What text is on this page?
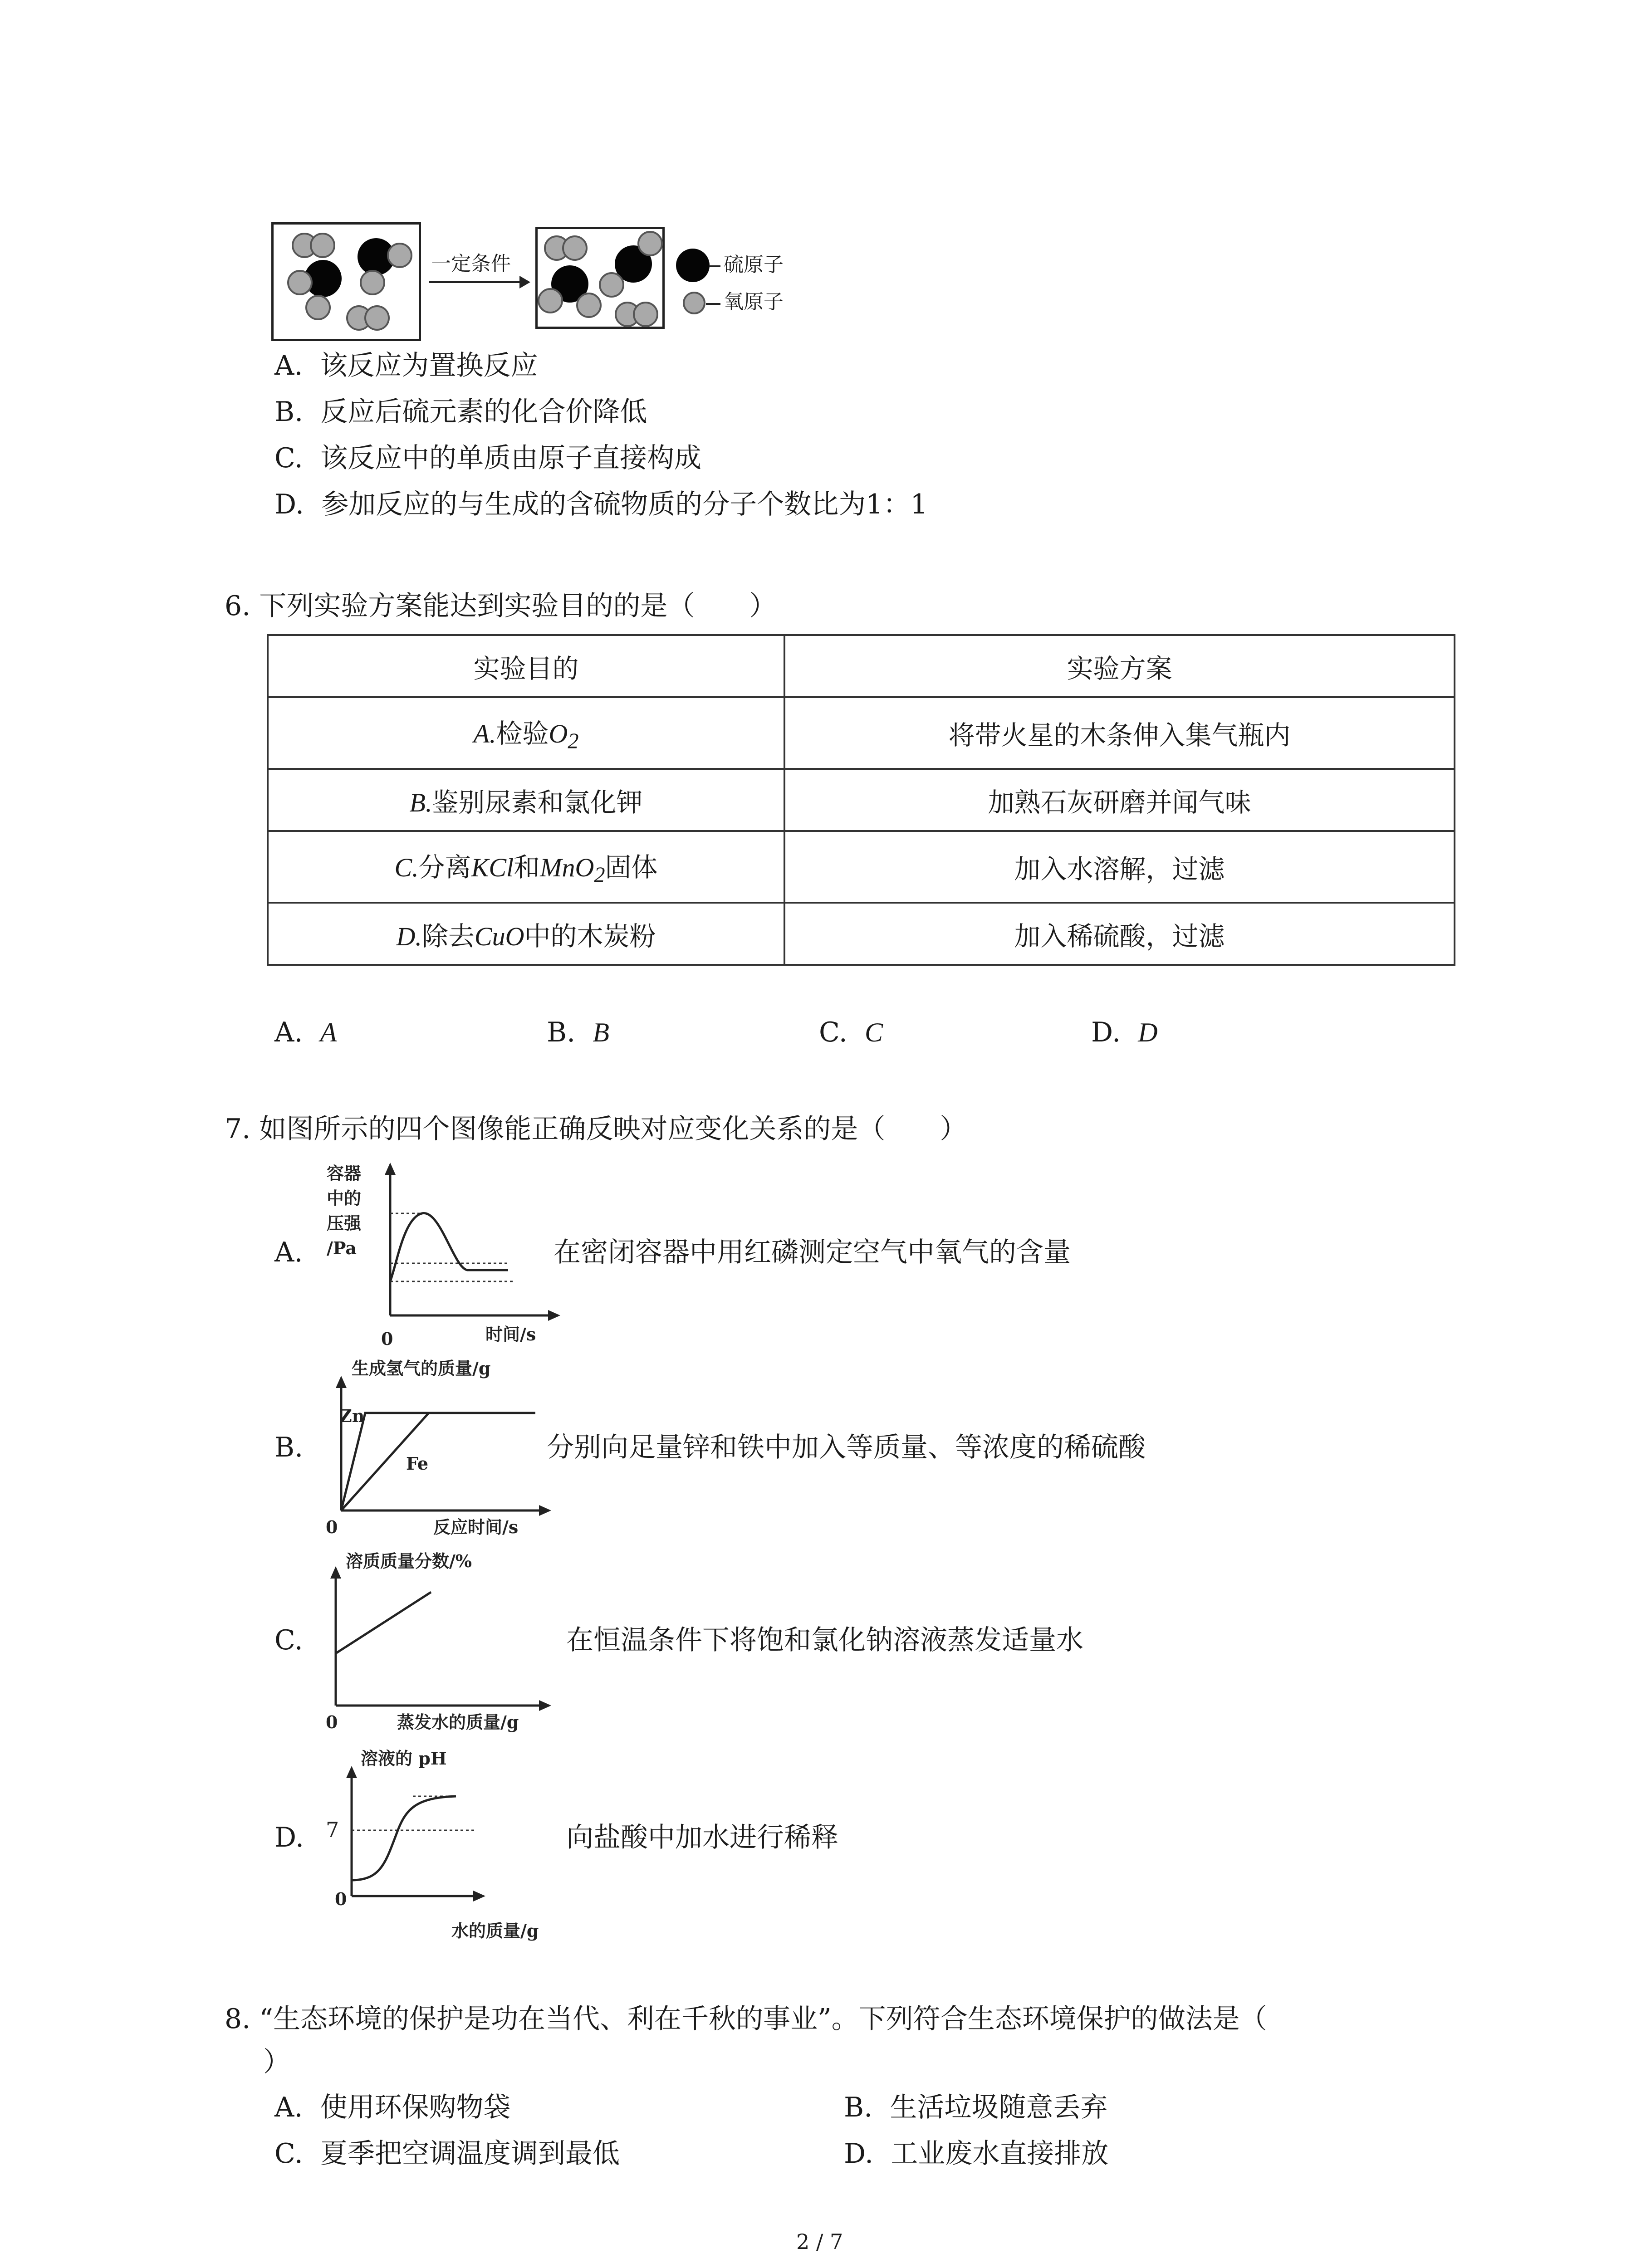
一定条件	硫原子
氧原子
A. 该反应为置换反应
B. 反应后硫元素的化合价降低
C. 该反应中的单质由原子直接构成
D. 参加反应的与生成的含硫物质的分子个数比为1：1
6. 下列实验方案能达到实验目的的是（　　）
实验目的	实验方案
A.检验$O_2$	将带火星的木条伸入集气瓶内
B.鉴别尿素和氯化钾	加熟石灰研磨并闻气味
C.分离KCl和MnO$_2$固体	加入水溶解，过滤
D.除去CuO中的木炭粉	加入稀硫酸，过滤
A. A	B. B	C. C	D. D
7. 如图所示的四个图像能正确反映对应变化关系的是（　　）
A.
容器
中的
压强
/Pa
0	时间/s
在密闭容器中用红磷测定空气中氧气的含量
B.
生成氢气的质量/g
0	反应时间/s
Zn
Fe
分别向足量锌和铁中加入等质量、等浓度的稀硫酸
C.
溶质质量分数/%
0	蒸发水的质量/g
在恒温条件下将饱和氯化钠溶液蒸发适量水
D.
溶液的 pH
0
7
水的质量/g
向盐酸中加水进行稀释
8. “生态环境的保护是功在当代、利在千秋的事业”。下列符合生态环境保护的做法是（
）
A. 使用环保购物袋	B. 生活垃圾随意丢弃
C. 夏季把空调温度调到最低	D. 工业废水直接排放
2 / 7
